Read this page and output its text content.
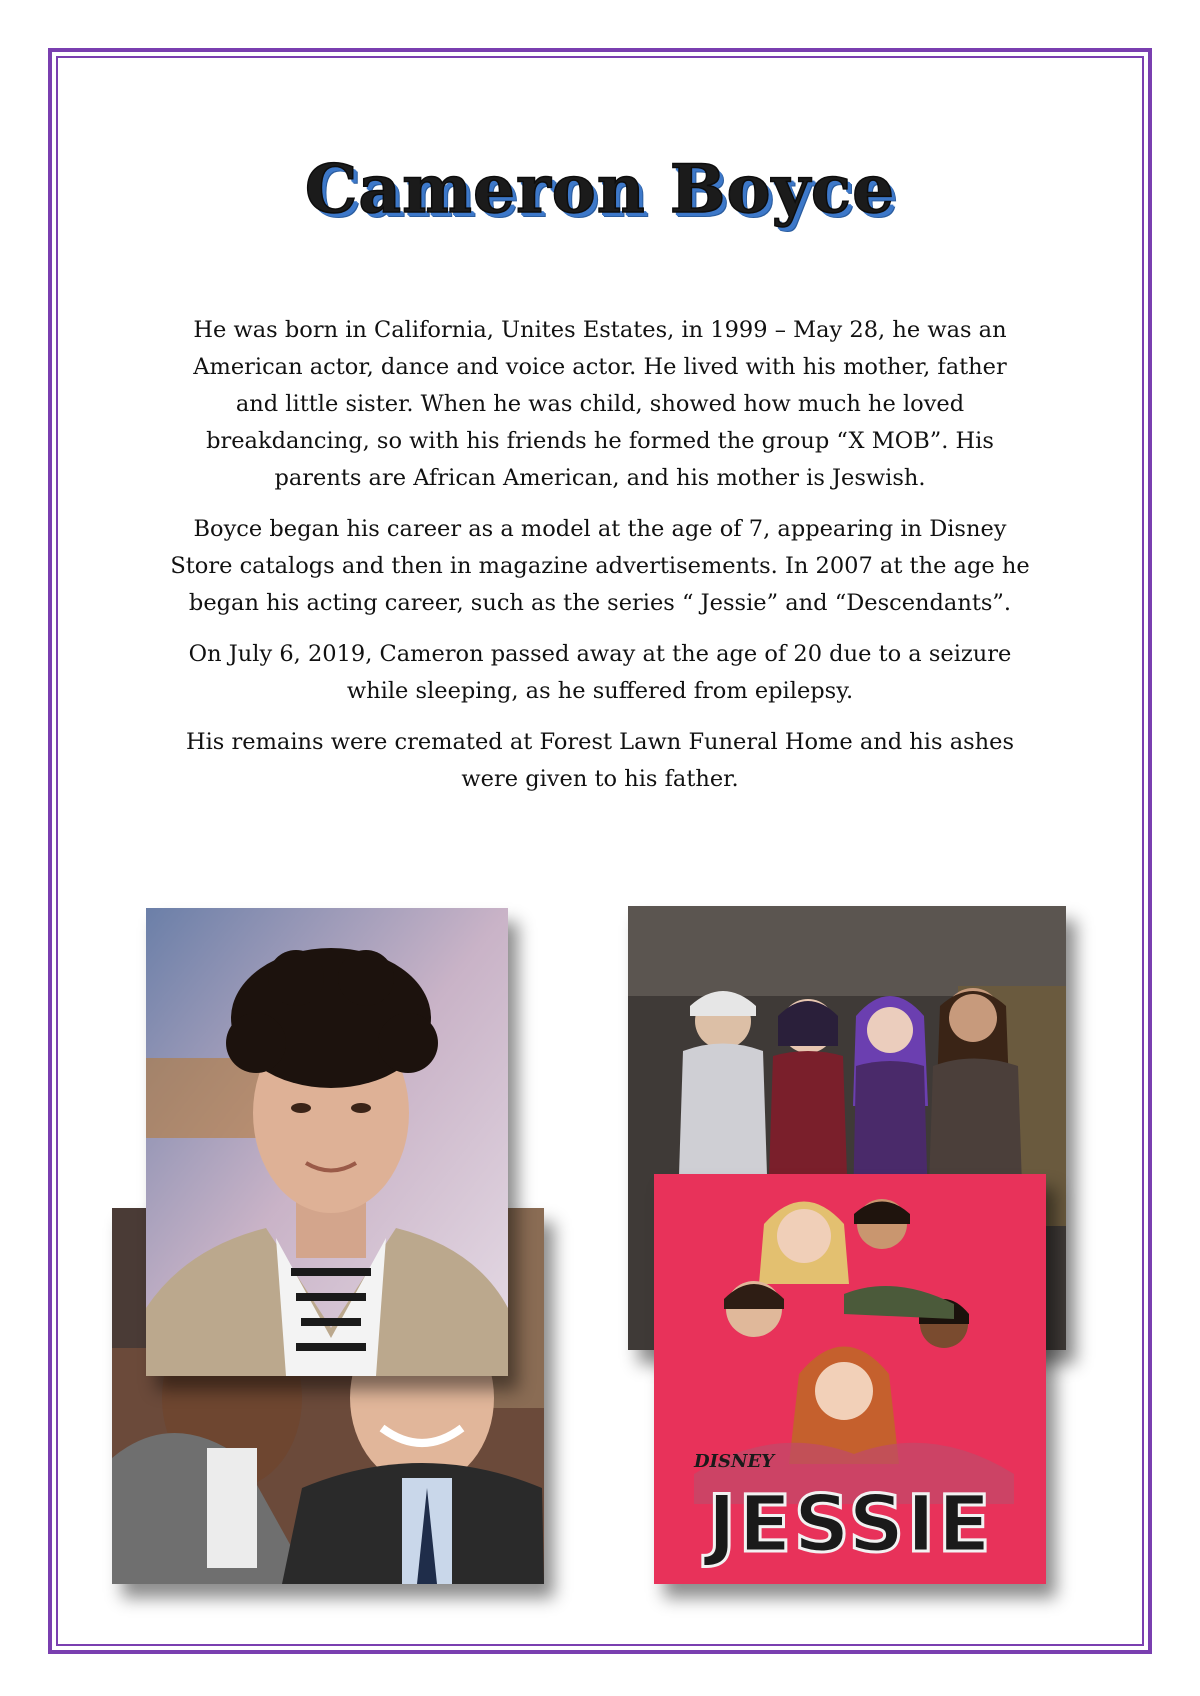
Cameron Boyce

He was born in California, Unites Estates, in 1999 – May 28, he was an American actor, dance and voice actor. He lived with his mother, father and little sister. When he was child, showed how much he loved breakdancing, so with his friends he formed the group “X MOB”. His parents are African American, and his mother is Jeswish.

Boyce began his career as a model at the age of 7, appearing in Disney Store catalogs and then in magazine advertisements. In 2007 at the age he began his acting career, such as the series “ Jessie” and “Descendants”.

On July 6, 2019, Cameron passed away at the age of 20 due to a seizure while sleeping, as he suffered from epilepsy.

His remains were cremated at Forest Lawn Funeral Home and his ashes were given to his father.

DISNEY
JESSIE
